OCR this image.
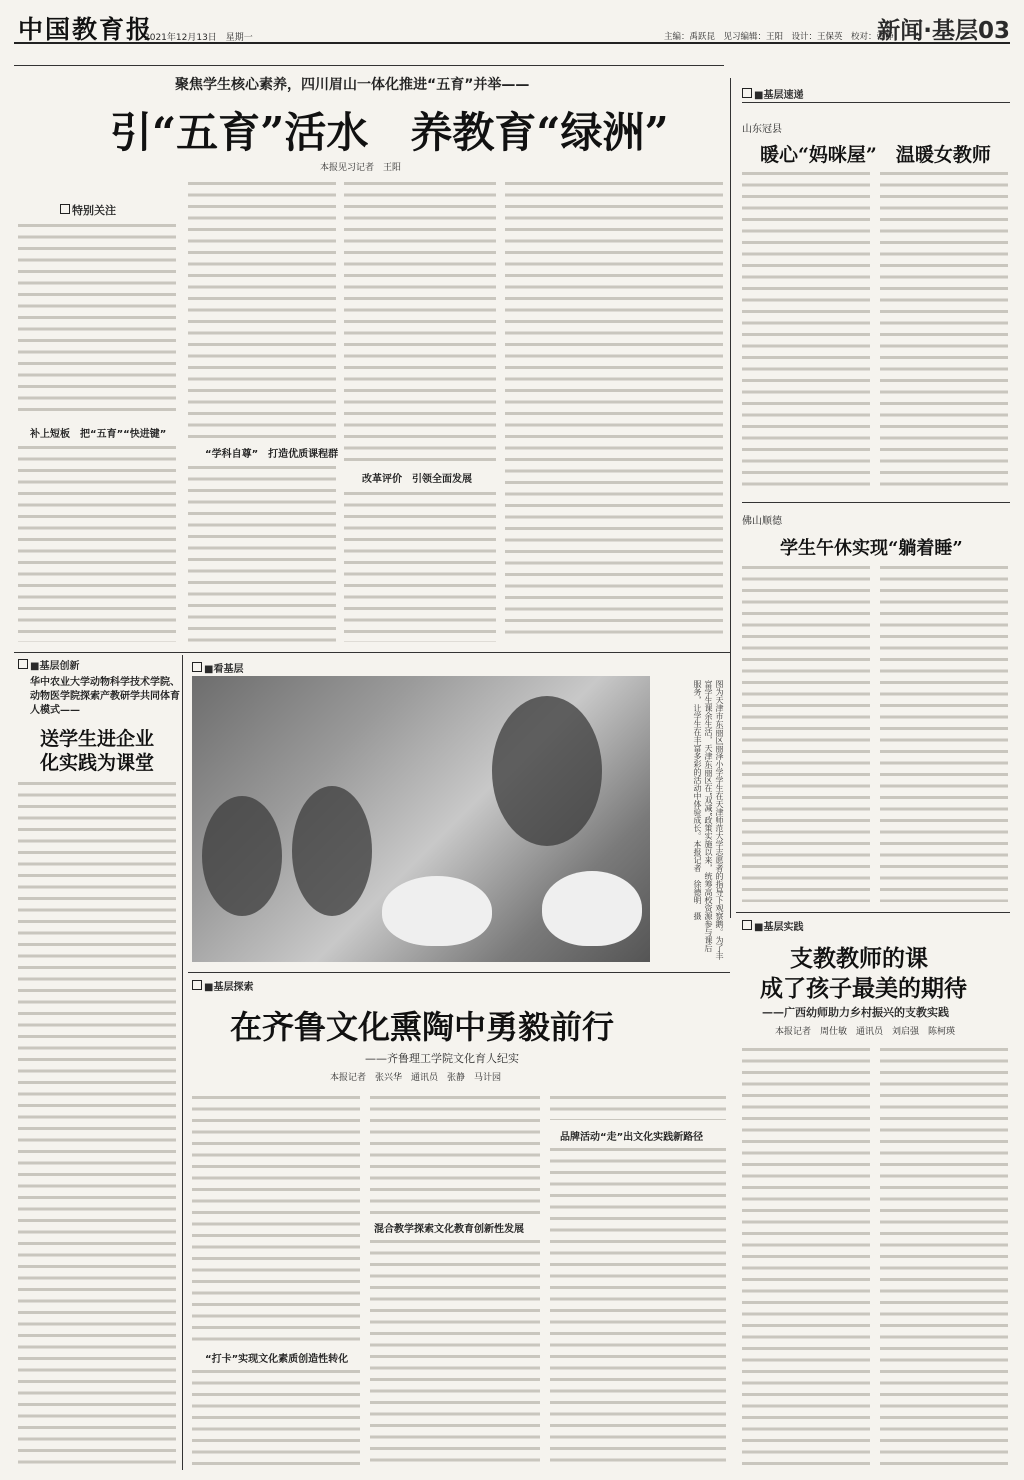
中国教育报
2021年12月13日　星期一	主编：禹跃昆　见习编辑：王阳　设计：王保英　校对：张静
新闻·基层03
聚焦学生核心素养，四川眉山一体化推进“五育”并举——
引“五育”活水　养教育“绿洲”
本报见习记者　王阳
特别关注
补上短板　把“五育”“快进键”
“学科自尊”　打造优质课程群
改革评价　引领全面发展
■基层速递
山东冠县
暖心“妈咪屋”　温暖女教师
佛山顺德
学生午休实现“躺着睡”
■基层创新
华中农业大学动物科学技术学院、动物医学院探索产教研学共同体育人模式——
送学生进企业
化实践为课堂
■看基层
图为天津市东丽区丽泽小学学生在天津师范大学志愿者的指导下观察鹅。为了丰富学生课余生活，天津东丽区在“双减”政策实施以来，统筹高校资源参与课后服务，让学生在丰富多彩的活动中体验成长。本报记者　徐德明　摄
■基层探索
在齐鲁文化熏陶中勇毅前行
——齐鲁理工学院文化育人纪实
本报记者　张兴华　通讯员　张静　马计园
“打卡”实现文化素质创造性转化
混合教学探索文化教育创新性发展
品牌活动“走”出文化实践新路径
■基层实践
支教教师的课
成了孩子最美的期待
——广西幼师助力乡村振兴的支教实践
本报记者　周仕敏　通讯员　刘启强　陈柯瑛
